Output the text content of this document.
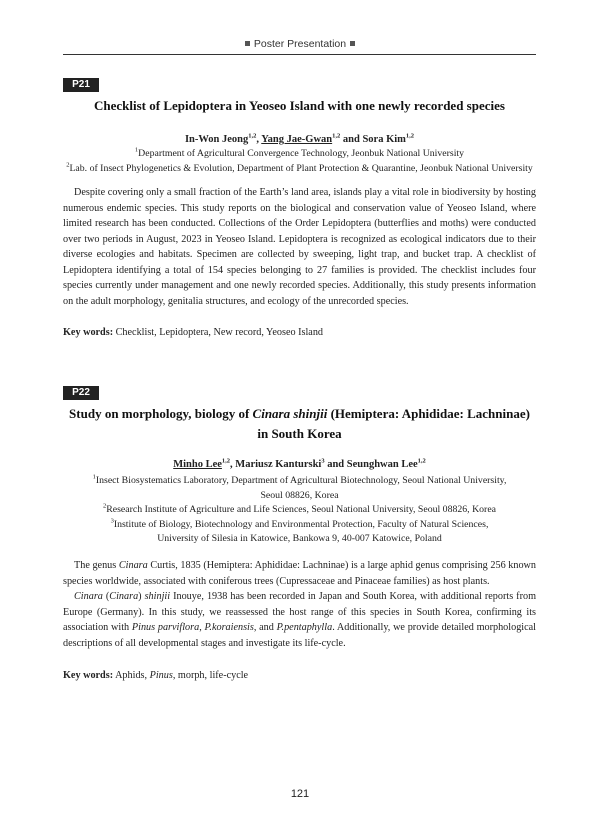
Poster Presentation
P21
Checklist of Lepidoptera in Yeoseo Island with one newly recorded species
In-Won Jeong$^{1,2}$, Yang Jae-Gwan$^{1,2}$ and Sora Kim$^{1,2}$
$^1$Department of Agricultural Convergence Technology, Jeonbuk National University
$^2$Lab. of Insect Phylogenetics & Evolution, Department of Plant Protection & Quarantine, Jeonbuk National University

Despite covering only a small fraction of the Earth’s land area, islands play a vital role in biodiversity by hosting numerous endemic species. This study reports on the biological and conservation value of Yeoseo Island, where limited research has been conducted. Collections of the Order Lepidoptera (butterflies and moths) were conducted over two periods in August, 2023 in Yeoseo Island. Lepidoptera is recognized as ecological indicators due to their diverse ecologies and habitats. Specimen are collected by sweeping, light trap, and bucket trap. A checklist of Lepidoptera identifying a total of 154 species belonging to 27 families is provided. The checklist includes four species currently under management and one newly recorded species. Additionally, this study presents information on the adult morphology, genitalia structures, and ecology of the unrecorded species.

Key words: Checklist, Lepidoptera, New record, Yeoseo Island
P22
Study on morphology, biology of Cinara shinjii (Hemiptera: Aphididae: Lachninae)
in South Korea
Minho Lee$^{1,2}$, Mariusz Kanturski$^3$ and Seunghwan Lee$^{1,2}$
$^1$Insect Biosystematics Laboratory, Department of Agricultural Biotechnology, Seoul National University,
Seoul 08826, Korea
$^2$Research Institute of Agriculture and Life Sciences, Seoul National University, Seoul 08826, Korea
$^3$Institute of Biology, Biotechnology and Environmental Protection, Faculty of Natural Sciences,
University of Silesia in Katowice, Bankowa 9, 40-007 Katowice, Poland

The genus Cinara Curtis, 1835 (Hemiptera: Aphididae: Lachninae) is a large aphid genus comprising 256 known species worldwide, associated with coniferous trees (Cupressaceae and Pinaceae families) as host plants.

Cinara (Cinara) shinjii Inouye, 1938 has been recorded in Japan and South Korea, with additional reports from Europe (Germany). In this study, we reassessed the host range of this species in South Korea, confirming its association with Pinus parviflora, P.koraiensis, and P.pentaphylla. Additionally, we provide detailed morphological descriptions of all developmental stages and investigate its life-cycle.

Key words: Aphids, Pinus, morph, life-cycle
121
